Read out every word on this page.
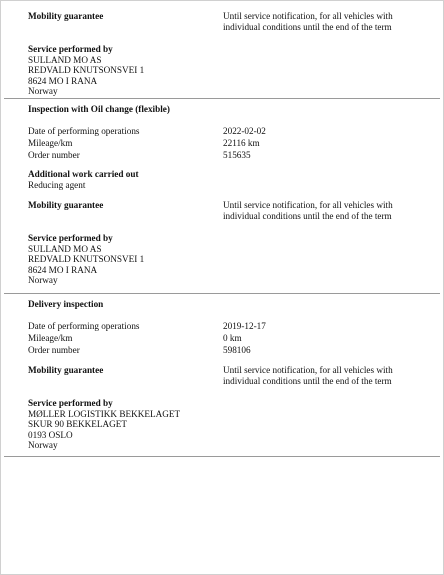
Mobility guarantee	Until service notification, for all vehicles with individual conditions until the end of the term
Service performed by
SULLAND MO AS
REDVALD KNUTSONSVEI 1
8624 MO I RANA
Norway
Inspection with Oil change (flexible)
Date of performing operations	2022-02-02
Mileage/km	22116 km
Order number	515635
Additional work carried out
Reducing agent
Mobility guarantee	Until service notification, for all vehicles with individual conditions until the end of the term
Service performed by
SULLAND MO AS
REDVALD KNUTSONSVEI 1
8624 MO I RANA
Norway
Delivery inspection
Date of performing operations	2019-12-17
Mileage/km	0 km
Order number	598106
Mobility guarantee	Until service notification, for all vehicles with individual conditions until the end of the term
Service performed by
MØLLER LOGISTIKK BEKKELAGET
SKUR 90 BEKKELAGET
0193 OSLO
Norway
